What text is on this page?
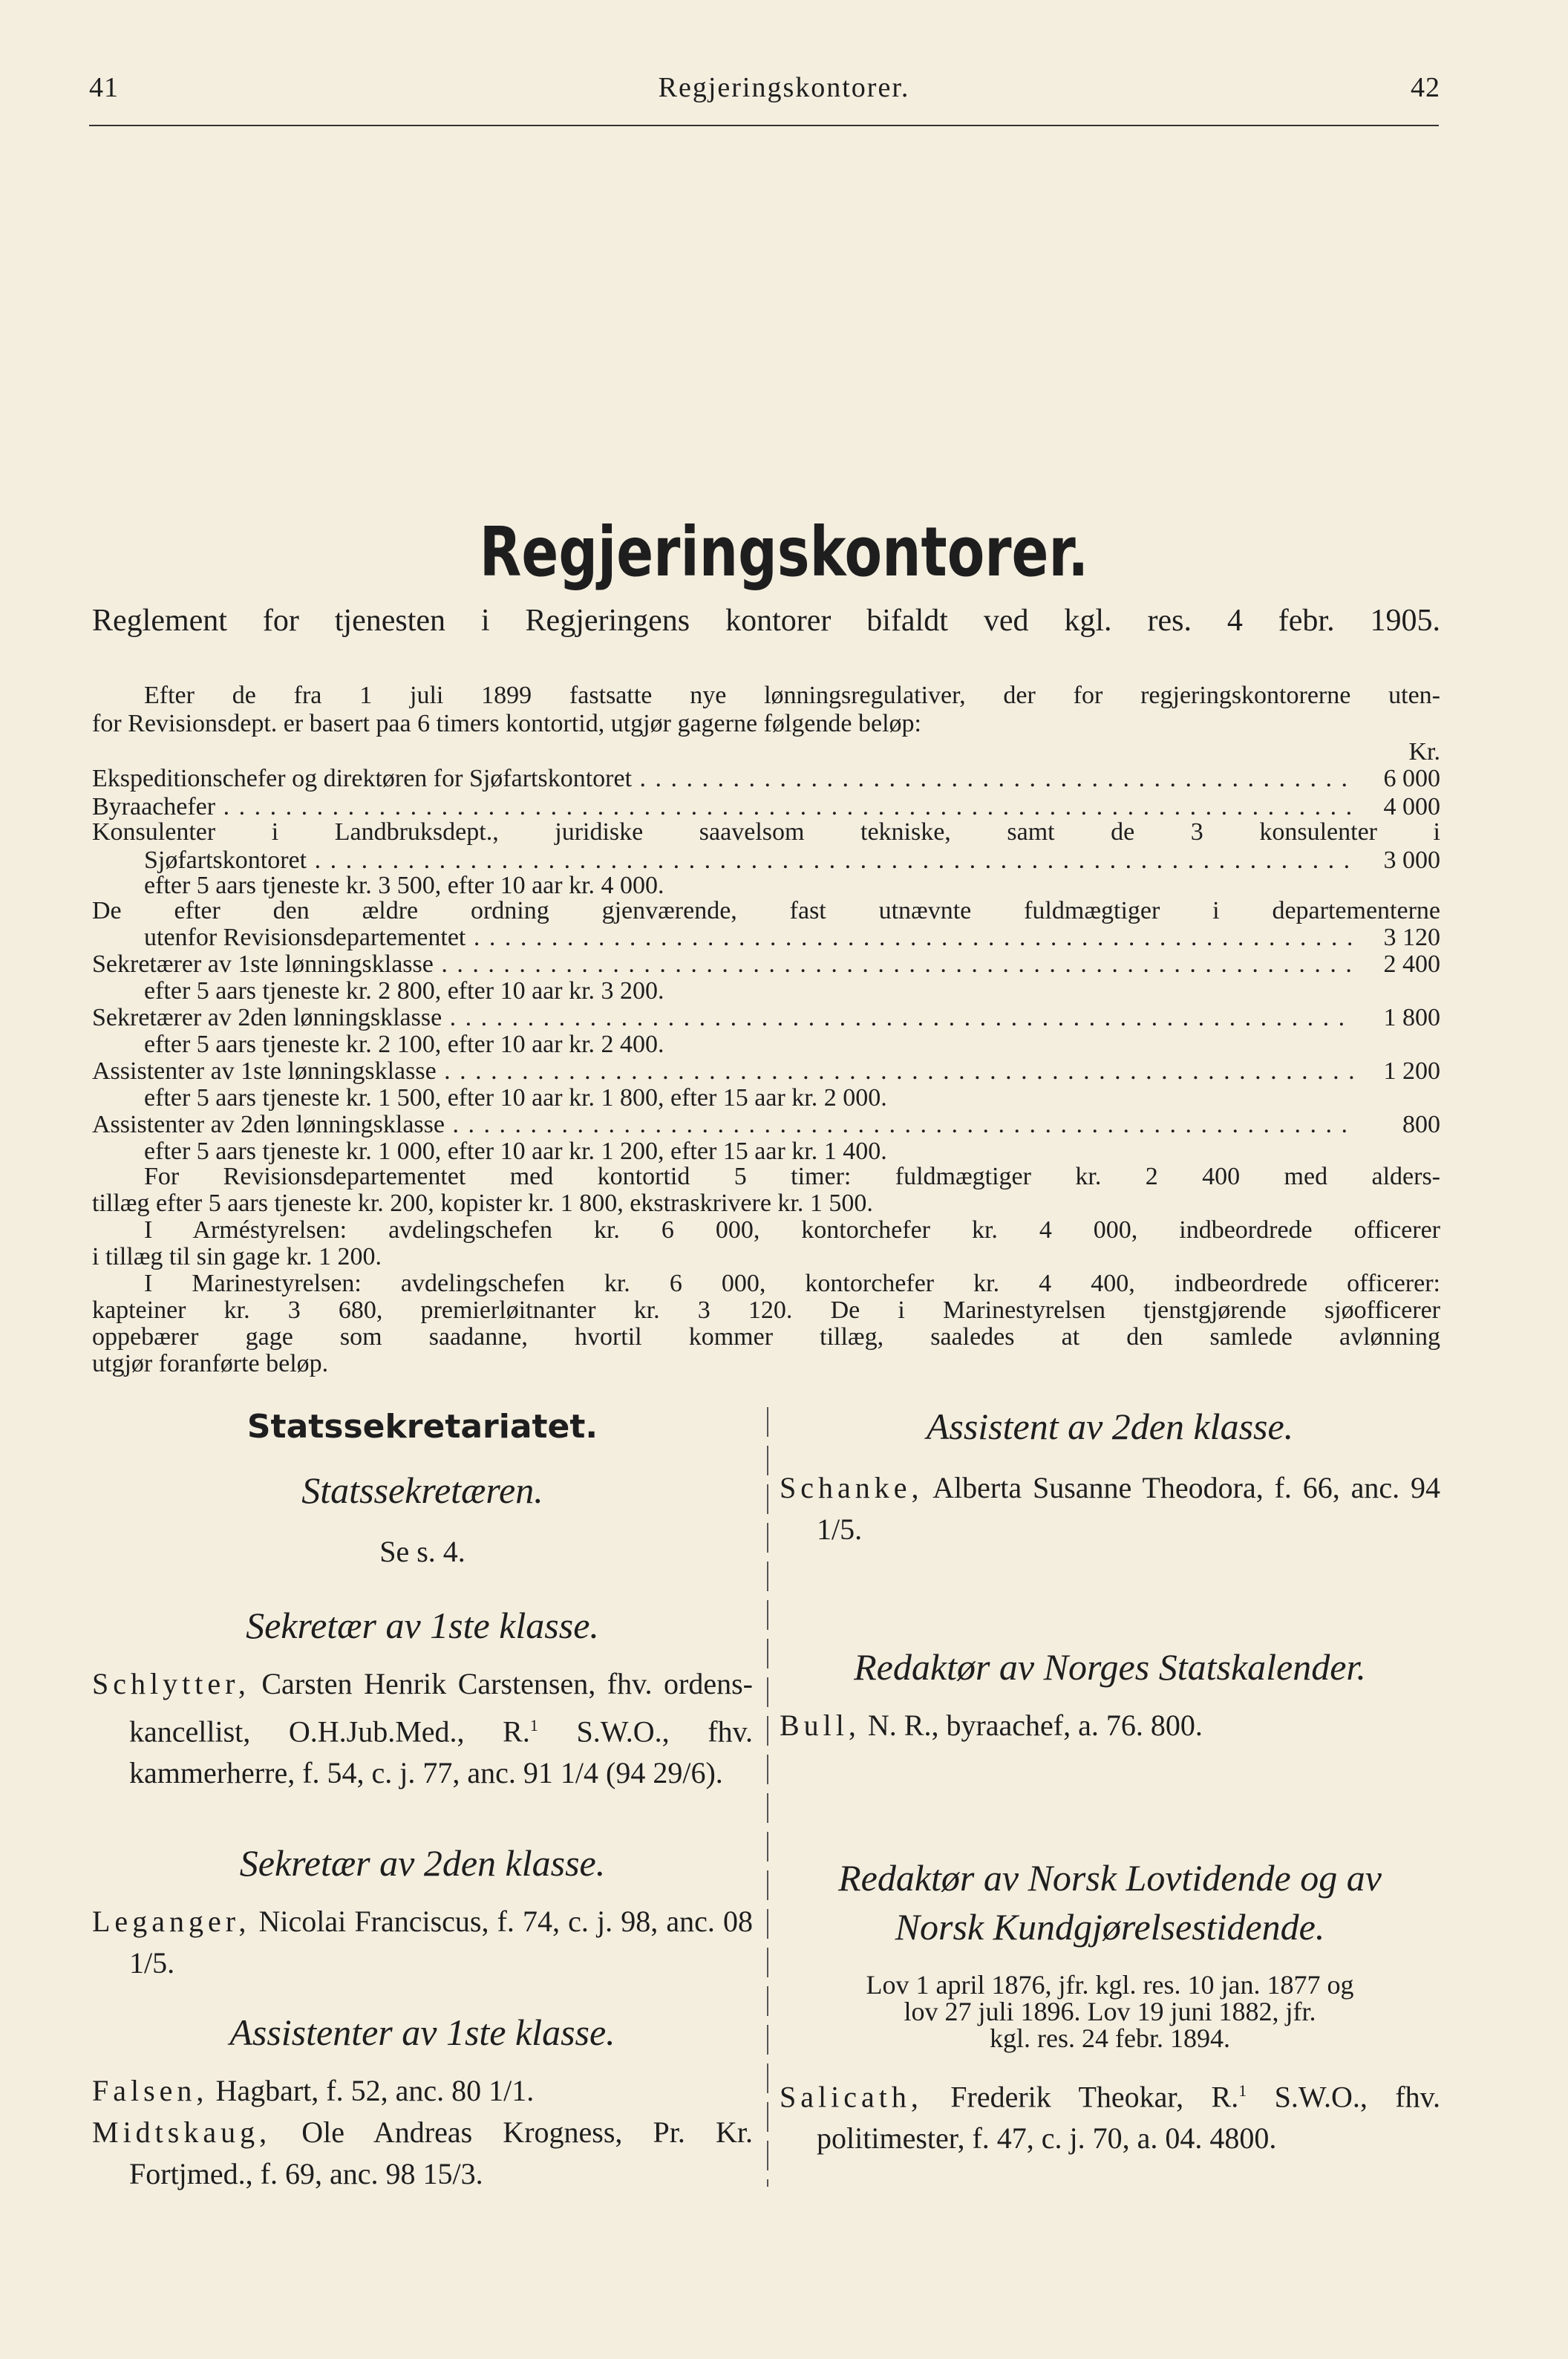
41	Regjeringskontorer.	42
Regjeringskontorer.
Reglement for tjenesten i Regjeringens kontorer bifaldt ved kgl. res. 4 febr. 1905.
Efter de fra 1 juli 1899 fastsatte nye lønningsregulativer, der for regjeringskontorerne uten-
for Revisionsdept. er basert paa 6 timers kontortid, utgjør gagerne følgende beløp:
Kr.
Ekspeditionschefer og direktøren for Sjøfartskontoret . . .	6 000
Byraachefer . . .	4 000
Konsulenter i Landbruksdept., juridiske saavelsom tekniske, samt de 3 konsulenter i
Sjøfartskontoret . . .	3 000
efter 5 aars tjeneste kr. 3 500, efter 10 aar kr. 4 000.
De efter den ældre ordning gjenværende, fast utnævnte fuldmægtiger i departementerne
utenfor Revisionsdepartementet . . .	3 120
Sekretærer av 1ste lønningsklasse . . .	2 400
efter 5 aars tjeneste kr. 2 800, efter 10 aar kr. 3 200.
Sekretærer av 2den lønningsklasse . . .	1 800
efter 5 aars tjeneste kr. 2 100, efter 10 aar kr. 2 400.
Assistenter av 1ste lønningsklasse . . .	1 200
efter 5 aars tjeneste kr. 1 500, efter 10 aar kr. 1 800, efter 15 aar kr. 2 000.
Assistenter av 2den lønningsklasse . . .	800
efter 5 aars tjeneste kr. 1 000, efter 10 aar kr. 1 200, efter 15 aar kr. 1 400.
For Revisionsdepartementet med kontortid 5 timer: fuldmægtiger kr. 2 400 med alders-
tillæg efter 5 aars tjeneste kr. 200, kopister kr. 1 800, ekstraskrivere kr. 1 500.
I Arméstyrelsen: avdelingschefen kr. 6 000, kontorchefer kr. 4 000, indbeordrede officerer
i tillæg til sin gage kr. 1 200.
I Marinestyrelsen: avdelingschefen kr. 6 000, kontorchefer kr. 4 400, indbeordrede officerer:
kapteiner kr. 3 680, premierløitnanter kr. 3 120. De i Marinestyrelsen tjenstgjørende sjøofficerer
oppebærer gage som saadanne, hvortil kommer tillæg, saaledes at den samlede avlønning
utgjør foranførte beløp.
Statssekretariatet.
Statssekretæren.
Se s. 4.
Sekretær av 1ste klasse.
Schlytter, Carsten Henrik Carstensen, fhv. ordens-kancellist, O.H.Jub.Med., R.$^1$ S.W.O., fhv. kammerherre, f. 54, c. j. 77, anc. 91 1/4 (94 29/6).
Sekretær av 2den klasse.
Leganger, Nicolai Franciscus, f. 74, c. j. 98, anc. 08 1/5.
Assistenter av 1ste klasse.
Falsen, Hagbart, f. 52, anc. 80 1/1.
Midtskaug, Ole Andreas Krogness, Pr. Kr. Fortjmed., f. 69, anc. 98 15/3.
Assistent av 2den klasse.
Schanke, Alberta Susanne Theodora, f. 66, anc. 94 1/5.
Redaktør av Norges Statskalender.
Bull, N. R., byraachef, a. 76. 800.
Redaktør av Norsk Lovtidende og av
Norsk Kundgjørelsestidende.
Lov 1 april 1876, jfr. kgl. res. 10 jan. 1877 og
lov 27 juli 1896. Lov 19 juni 1882, jfr.
kgl. res. 24 febr. 1894.
Salicath, Frederik Theokar, R.$^1$ S.W.O., fhv. politimester, f. 47, c. j. 70, a. 04. 4800.
